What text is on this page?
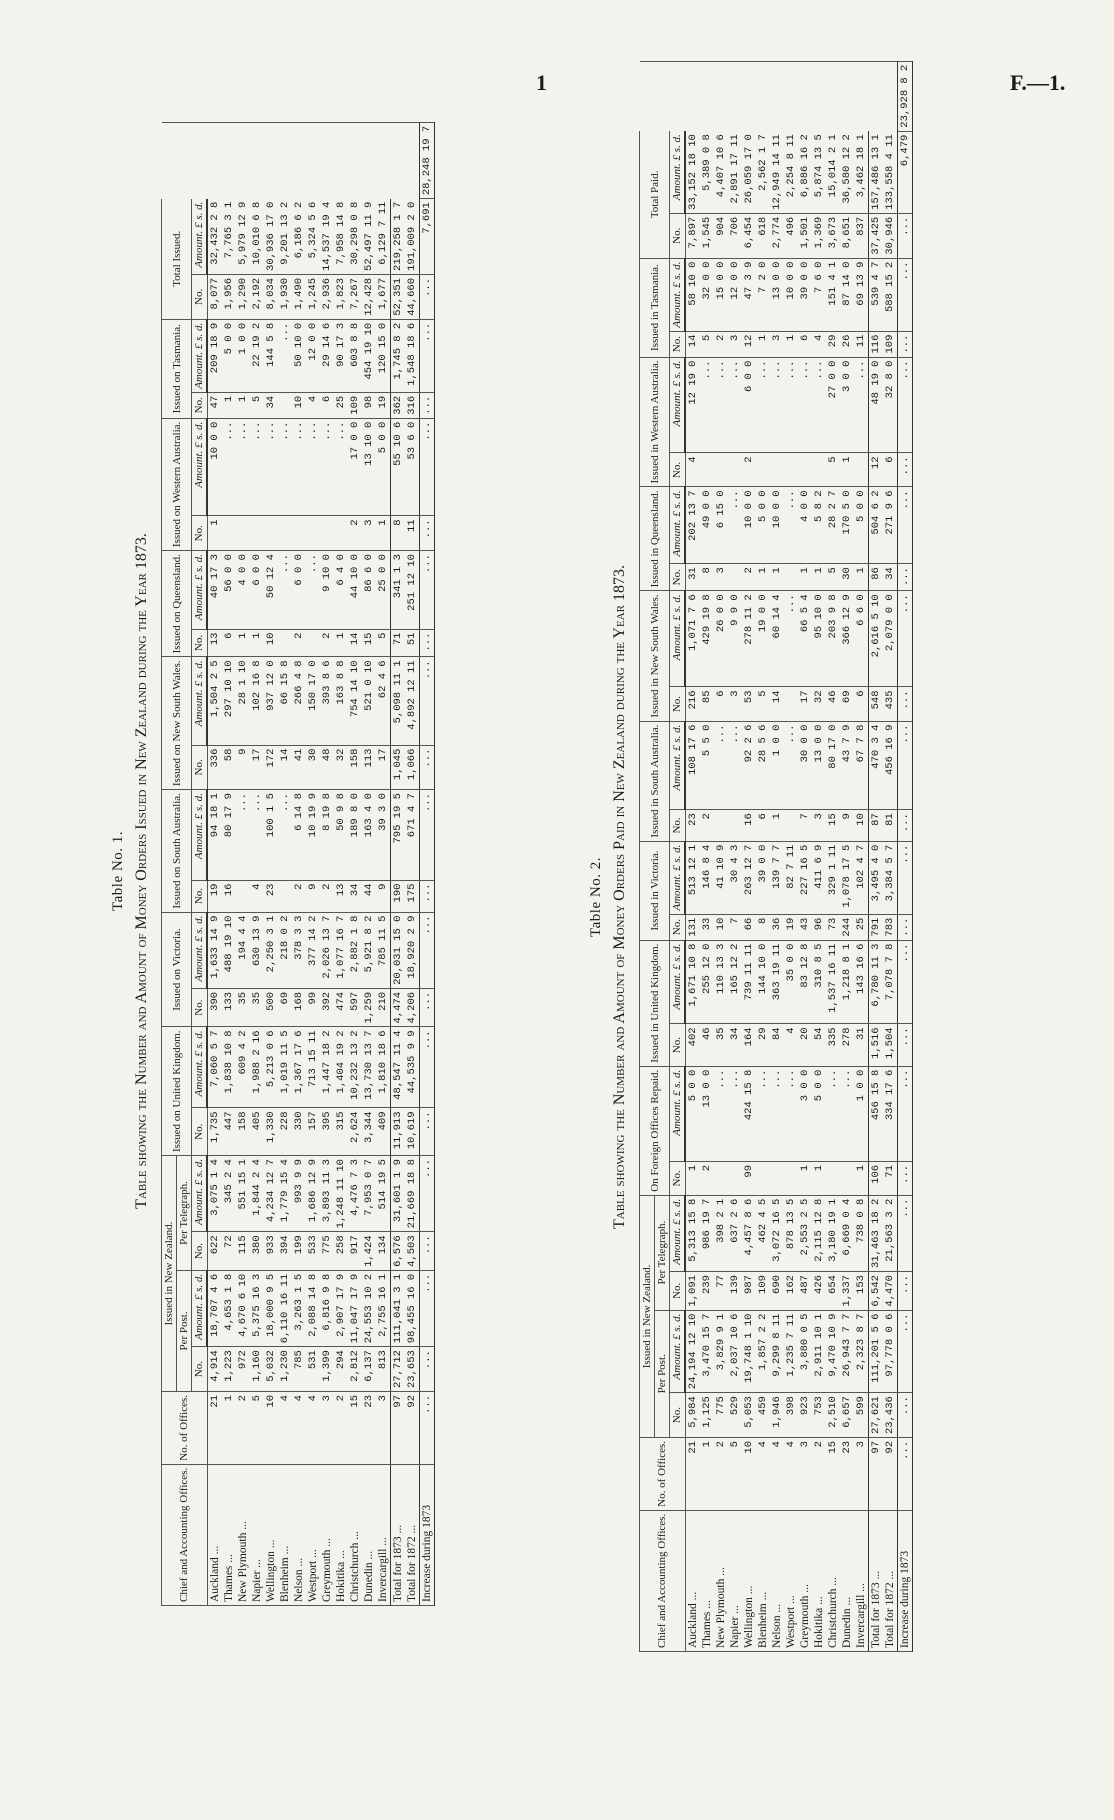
1	F.—1.
Table No. 1. Table showing the Number and Amount of Money Orders Issued in New Zealand during the Year 1873.
Chief and Accounting Offices.	No. of Offices.	Issued in New Zealand.				Issued on United Kingdom.		Issued on Victoria.		Issued on South Australia.		Issued on New South Wales.		Issued on Queensland.		Issued on Western Australia.		Issued on Tasmania.		Total Issued.		
		Per Post.		Per Telegraph.																		
		No.	Amount. £ s. d.	No.	Amount. £ s. d.	No.	Amount. £ s. d.	No.	Amount. £ s. d.	No.	Amount. £ s. d.	No.	Amount. £ s. d.	No.	Amount. £ s. d.	No.	Amount. £ s. d.	No.	Amount. £ s. d.	No.	Amount. £ s. d.	
Auckland ...	21	4,914	18,707 4 6	622	3,075 1 4	1,735	7,060 5 7	390	1,633 14 9	19	94 18 1	336	1,504 2 5	13	40 17 3	1	10 0 0	47	209 18 9	8,077	32,432 2 8	
Thames ...	1	1,223	4,653 1 8	72	345 2 4	447	1,838 10 8	133	488 19 10	16	80 17 9	58	297 10 10	6	56 0 0		...	1	5 0 0	1,956	7,765 3 1	
New Plymouth ...	2	972	4,670 6 10	115	551 15 1	158	609 4 2	35	194 4 4		...	9	28 1 10	1	4 0 0		...	1	1 0 0	1,290	5,979 12 9	
Napier ...	5	1,160	5,375 16 3	380	1,844 2 4	405	1,988 2 16	35	630 13 9	4	...	17	102 16 8	1	6 0 0		...	5	22 19 2	2,192	10,010 6 8	
Wellington ...	10	5,032	18,000 9 5	933	4,234 12 7	1,330	5,213 0 6	500	2,250 3 1	23	100 1 5	172	937 12 0	10	50 12 4		...	34	144 5 8	8,034	30,936 17 0	
Blenheim ...	4	1,230	6,110 16 11	394	1,779 15 4	228	1,019 11 5	69	218 0 2		...	14	66 15 8		...		...		...	1,930	9,201 13 2	
Nelson ...	4	785	3,263 1 5	199	993 9 9	330	1,367 17 6	168	378 3 3	2	6 14 8	41	266 4 8	2	6 0 0		...	10	50 10 0	1,490	6,186 6 2	
Westport ...	4	531	2,088 14 8	533	1,686 12 9	157	713 15 11	99	377 14 2	9	10 19 9	30	150 17 0		...		...	4	12 0 0	1,245	5,324 5 6	
Greymouth ...	3	1,399	6,816 9 8	775	3,893 11 3	395	1,447 18 2	392	2,026 13 7	2	8 19 8	48	393 8 6	2	9 10 0		...	6	29 14 6	2,936	14,537 19 4	
Hokitika ...	2	294	2,907 17 9	258	1,248 11 10	315	1,404 19 2	474	1,077 16 7	13	50 9 8	32	163 8 8	1	6 4 0		...	25	90 17 3	1,823	7,958 14 8	
Christchurch ...	15	2,812	11,047 17 9	917	4,476 7 3	2,624	10,232 13 2	597	2,882 1 8	34	189 8 0	158	754 14 10	14	44 10 0	2	17 0 0	109	603 8 8	7,267	30,298 0 8	
Dunedin ...	23	6,137	24,553 10 2	1,424	7,953 0 7	3,344	13,730 13 7	1,259	5,921 8 2	44	163 4 0	113	521 0 10	15	86 6 0	3	13 10 0	98	454 19 10	12,428	52,497 11 9	
Invercargill ...	3	813	2,755 16 1	134	514 19 5	409	1,810 18 6	210	785 11 5	9	39 3 0	17	62 4 6	5	25 0 0	1	5 0 0	19	120 15 0	1,677	6,129 7 11	
Total for 1873 ...	97	27,712	111,041 3 1	6,576	31,601 1 9	11,913	48,547 11 4	4,474	20,031 15 0	190	795 19 5	1,045	5,098 11 1	71	341 1 3	8	55 10 6	362	1,745 8 2	52,351	219,258 1 7	
Total for 1872 ...	92	23,653	98,455 16 0	4,503	21,669 18 8	10,619	44,535 9 9	4,206	18,920 2 9	175	671 4 7	1,066	4,892 12 11	51	251 12 10	11	53 6 0	316	1,548 18 6	44,660	191,009 2 0	
Increase during 1873	...	...	...	...	...	...	...	...	...	...	...	...	...	...	...	...	...	...	...	...	7,691	28,248 19 7
Table No. 2. Table showing the Number and Amount of Money Orders Paid in New Zealand during the Year 1873.
Chief and Accounting Offices.	No. of Offices.	Issued in New Zealand.				On Foreign Offices Repaid.		Issued in United Kingdom.		Issued in Victoria.		Issued in South Australia.		Issued in New South Wales.		Issued in Queensland.		Issued in Western Australia.		Issued in Tasmania.		Total Paid.		
		Per Post.		Per Telegraph.																				
		No.	Amount. £ s. d.	No.	Amount. £ s. d.	No.	Amount. £ s. d.	No.	Amount. £ s. d.	No.	Amount. £ s. d.	No.	Amount. £ s. d.	No.	Amount. £ s. d.	No.	Amount. £ s. d.	No.	Amount. £ s. d.	No.	Amount. £ s. d.	No.	Amount. £ s. d.	
Auckland ...	21	5,984	24,194 12 10	1,091	5,313 15 8	1	5 0 0	402	1,671 10 8	131	513 12 1	23	108 17 6	216	1,071 7 6	31	202 13 7	4	12 19 0	14	58 10 0	7,897	33,152 18 10	
Thames ...	1	1,125	3,470 15 7	239	986 19 7	2	13 0 0	46	255 12 0	33	146 8 4	2	5 5 0	85	429 19 8	8	49 0 0		...	5	32 0 0	1,545	5,389 0 8	
New Plymouth ...	2	775	3,829 9 1	77	398 2 1		...	35	110 13 3	10	41 10 9		...	6	26 0 0	3	6 15 0		...	2	15 0 0	904	4,407 10 6	
Napier ...	5	529	2,037 10 6	139	637 2 6		...	34	165 12 2	7	30 4 3		...	3	9 9 0		...		...	3	12 0 0	706	2,891 17 11	
Wellington ...	10	5,053	19,748 1 10	987	4,457 8 6	99	424 15 8	164	739 11 11	66	263 12 7	16	92 2 6	53	278 11 2	2	10 0 0	2	6 0 0	12	47 3 9	6,454	26,059 17 0	
Blenheim ...	4	459	1,857 2 2	109	462 4 5		...	29	144 10 0	8	39 0 0	6	28 5 6	5	19 0 0	1	5 0 0		...	1	7 2 0	618	2,562 1 7	
Nelson ...	4	1,946	9,299 8 11	690	3,072 16 5		...	84	363 19 11	36	139 7 7	1	1 0 0	14	60 14 4	1	10 0 0		...	3	13 0 0	2,774	12,949 14 11	
Westport ...	4	398	1,235 7 11	162	878 13 5		...	4	35 0 0	19	82 7 11		...		...		...		...	1	10 0 0	496	2,254 8 11	
Greymouth ...	3	923	3,880 0 5	487	2,553 2 5	1	3 0 0	20	83 12 8	43	227 16 5	7	30 0 0	17	66 5 4	1	4 0 0		...	6	39 0 0	1,501	6,886 16 2	
Hokitika ...	2	753	2,911 10 1	426	2,115 12 8	1	5 0 0	54	310 8 5	96	411 6 9	3	13 0 0	32	95 10 0	1	5 8 2		...	4	7 6 0	1,369	5,874 13 5	
Christchurch ...	15	2,510	9,470 10 9	654	3,180 19 1		...	335	1,537 16 11	73	329 1 11	15	80 17 0	46	203 9 8	5	28 2 7	5	27 0 0	29	151 4 1	3,673	15,014 2 1	
Dunedin ...	23	6,657	26,943 7 7	1,337	6,669 0 4		...	278	1,218 8 1	244	1,078 17 5	9	43 7 9	69	366 12 9	30	170 5 0	1	3 0 0	26	87 14 0	8,651	36,580 12 2	
Invercargill ...	3	599	2,323 8 7	153	738 0 8	1	1 0 0	31	143 16 6	25	102 4 7	10	67 7 8	6	6 6 0	1	5 0 0		...	11	69 13 9	837	3,462 18 1	
Total for 1873 ...	97	27,621	111,201 5 6	6,542	31,463 18 2	106	456 15 8	1,516	6,780 11 3	791	3,495 4 0	87	470 3 4	548	2,616 5 10	86	504 6 2	12	48 19 0	116	539 4 7	37,425	157,486 13 1	
Total for 1872 ...	92	23,436	97,778 0 6	4,470	21,563 3 2	71	334 17 6	1,504	7,078 7 8	783	3,384 5 7	81	456 16 9	435	2,079 0 0	34	271 9 6	6	32 8 0	109	588 15 2	30,946	133,558 4 11	
Increase during 1873	...	...	...	...	...	...	...	...	...	...	...	...	...	...	...	...	...	...	...	...	...	...	6,479	23,928 8 2
